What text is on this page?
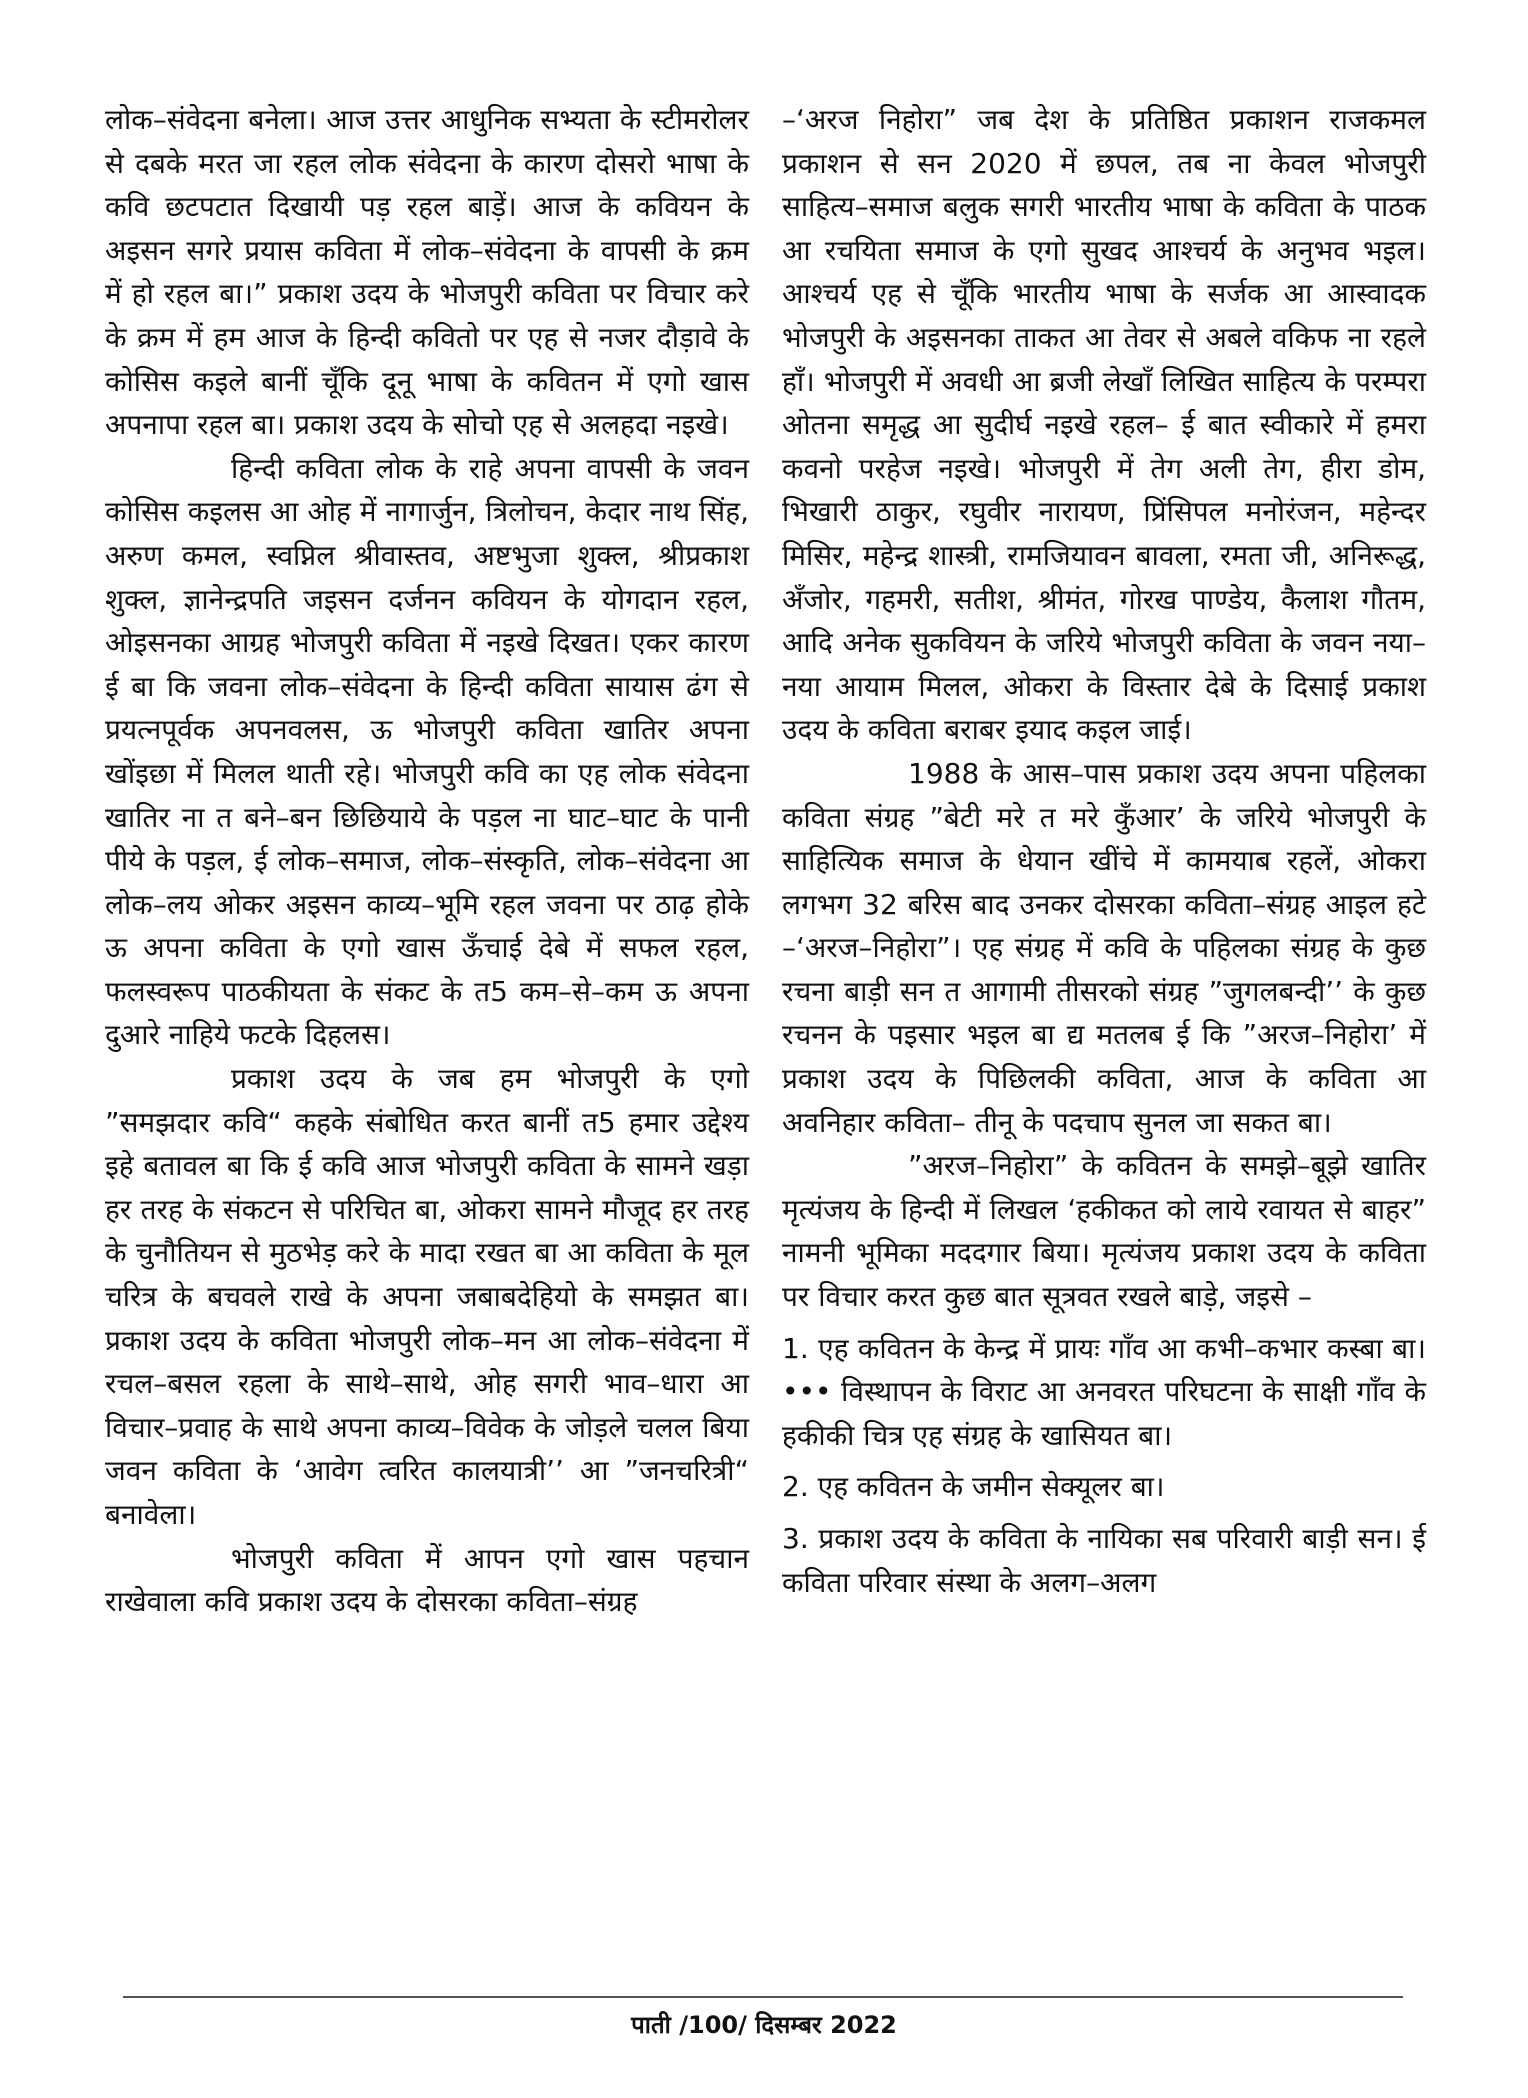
लोक–संवेदना बनेला। आज उत्तर आधुनिक सभ्यता के स्टीमरोलर से दबके मरत जा रहल लोक संवेदना के कारण दोसरो भाषा के कवि छटपटात दिखायी पड़ रहल बाड़ें। आज के कवियन के अइसन सगरे प्रयास कविता में लोक–संवेदना के वापसी के क्रम में हो रहल बा।” प्रकाश उदय के भोजपुरी कविता पर विचार करे के क्रम में हम आज के हिन्दी कवितो पर एह से नजर दौड़ावे के कोसिस कइले बानीं चूँकि दूनू भाषा के कवितन में एगो खास अपनापा रहल बा। प्रकाश उदय के सोचो एह से अलहदा नइखे।

हिन्दी कविता लोक के राहे अपना वापसी के जवन कोसिस कइलस आ ओह में नागार्जुन, त्रिलोचन, केदार नाथ सिंह, अरुण कमल, स्वप्निल श्रीवास्तव, अष्टभुजा शुक्ल, श्रीप्रकाश शुक्ल, ज्ञानेन्द्रपति जइसन दर्जनन कवियन के योगदान रहल, ओइसनका आग्रह भोजपुरी कविता में नइखे दिखत। एकर कारण ई बा कि जवना लोक–संवेदना के हिन्दी कविता सायास ढंग से प्रयत्नपूर्वक अपनवलस, ऊ भोजपुरी कविता खातिर अपना खोंइछा में मिलल थाती रहे। भोजपुरी कवि का एह लोक संवेदना खातिर ना त बने–बन छिछियाये के पड़ल ना घाट–घाट के पानी पीये के पड़ल, ई लोक–समाज, लोक–संस्कृति, लोक–संवेदना आ लोक–लय ओकर अइसन काव्य–भूमि रहल जवना पर ठाढ़ होके ऊ अपना कविता के एगो खास ऊँचाई देबे में सफल रहल, फलस्वरूप पाठकीयता के संकट के त5 कम–से–कम ऊ अपना दुआरे नाहिये फटके दिहलस।

प्रकाश उदय के जब हम भोजपुरी के एगो ”समझदार कवि“ कहके संबोधित करत बानीं त5 हमार उद्देश्य इहे बतावल बा कि ई कवि आज भोजपुरी कविता के सामने खड़ा हर तरह के संकटन से परिचित बा, ओकरा सामने मौजूद हर तरह के चुनौतियन से मुठभेड़ करे के मादा रखत बा आ कविता के मूल चरित्र के बचवले राखे के अपना जबाबदेहियो के समझत बा। प्रकाश उदय के कविता भोजपुरी लोक–मन आ लोक–संवेदना में रचल–बसल रहला के साथे–साथे, ओह सगरी भाव–धारा आ विचार–प्रवाह के साथे अपना काव्य–विवेक के जोड़ले चलल बिया जवन कविता के ‘आवेग त्वरित कालयात्री’’ आ ”जनचरित्री“ बनावेला।

भोजपुरी कविता में आपन एगो खास पहचान राखेवाला कवि प्रकाश उदय के दोसरका कविता–संग्रह

–‘अरज निहोरा” जब देश के प्रतिष्ठित प्रकाशन राजकमल प्रकाशन से सन 2020 में छपल, तब ना केवल भोजपुरी साहित्य–समाज बलुक सगरी भारतीय भाषा के कविता के पाठक आ रचयिता समाज के एगो सुखद आश्चर्य के अनुभव भइल। आश्चर्य एह से चूँकि भारतीय भाषा के सर्जक आ आस्वादक भोजपुरी के अइसनका ताकत आ तेवर से अबले वकिफ ना रहले हाँ। भोजपुरी में अवधी आ ब्रजी लेखाँ लिखित साहित्य के परम्परा ओतना समृद्ध आ सुदीर्घ नइखे रहल– ई बात स्वीकारे में हमरा कवनो परहेज नइखे। भोजपुरी में तेग अली तेग, हीरा डोम, भिखारी ठाकुर, रघुवीर नारायण, प्रिंसिपल मनोरंजन, महेन्दर मिसिर, महेन्द्र शास्त्री, रामजियावन बावला, रमता जी, अनिरूद्ध, अँजोर, गहमरी, सतीश, श्रीमंत, गोरख पाण्डेय, कैलाश गौतम, आदि अनेक सुकवियन के जरिये भोजपुरी कविता के जवन नया–नया आयाम मिलल, ओकरा के विस्तार देबे के दिसाई प्रकाश उदय के कविता बराबर इयाद कइल जाई।

1988 के आस–पास प्रकाश उदय अपना पहिलका कविता संग्रह ”बेटी मरे त मरे कुँआर’ के जरिये भोजपुरी के साहित्यिक समाज के धेयान खींचे में कामयाब रहलें, ओकरा लगभग 32 बरिस बाद उनकर दोसरका कविता–संग्रह आइल हटे –‘अरज–निहोरा”। एह संग्रह में कवि के पहिलका संग्रह के कुछ रचना बाड़ी सन त आगामी तीसरको संग्रह ”जुगलबन्दी’’ के कुछ रचनन के पइसार भइल बा द्य मतलब ई कि ”अरज–निहोरा’ में प्रकाश उदय के पिछिलकी कविता, आज के कविता आ अवनिहार कविता– तीनू के पदचाप सुनल जा सकत बा।

”अरज–निहोरा” के कवितन के समझे–बूझे खातिर मृत्यंजय के हिन्दी में लिखल ‘हकीकत को लाये रवायत से बाहर” नामनी भूमिका मददगार बिया। मृत्यंजय प्रकाश उदय के कविता पर विचार करत कुछ बात सूत्रवत रखले बाड़े, जइसे –

1. एह कवितन के केन्द्र में प्रायः गाँव आ कभी–कभार कस्बा बा। ••• विस्थापन के विराट आ अनवरत परिघटना के साक्षी गाँव के हकीकी चित्र एह संग्रह के खासियत बा।

2. एह कवितन के जमीन सेक्यूलर बा।

3. प्रकाश उदय के कविता के नायिका सब परिवारी बाड़ी सन। ई कविता परिवार संस्था के अलग–अलग

पाती /100/ दिसम्बर 2022
